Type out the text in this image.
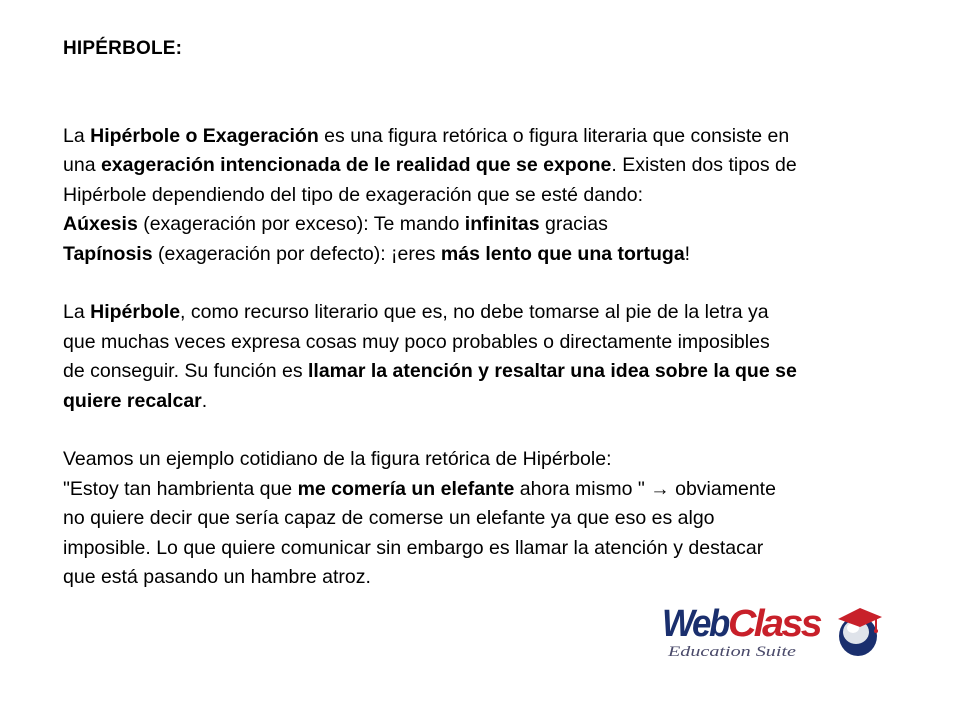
HIPÉRBOLE:
La Hipérbole o Exageración es una figura retórica o figura literaria que consiste en
una exageración intencionada de le realidad que se expone. Existen dos tipos de
Hipérbole dependiendo del tipo de exageración que se esté dando:
Aúxesis (exageración por exceso): Te mando infinitas gracias
Tapínosis (exageración por defecto): ¡eres más lento que una tortuga!
La Hipérbole, como recurso literario que es, no debe tomarse al pie de la letra ya
que muchas veces expresa cosas muy poco probables o directamente imposibles
de conseguir. Su función es llamar la atención y resaltar una idea sobre la que se
quiere recalcar.
Veamos un ejemplo cotidiano de la figura retórica de Hipérbole:
"Estoy tan hambrienta que me comería un elefante ahora mismo " → obviamente
no quiere decir que sería capaz de comerse un elefante ya que eso es algo
imposible. Lo que quiere comunicar sin embargo es llamar la atención y destacar
que está pasando un hambre atroz.
Web
Class
Education Suite
